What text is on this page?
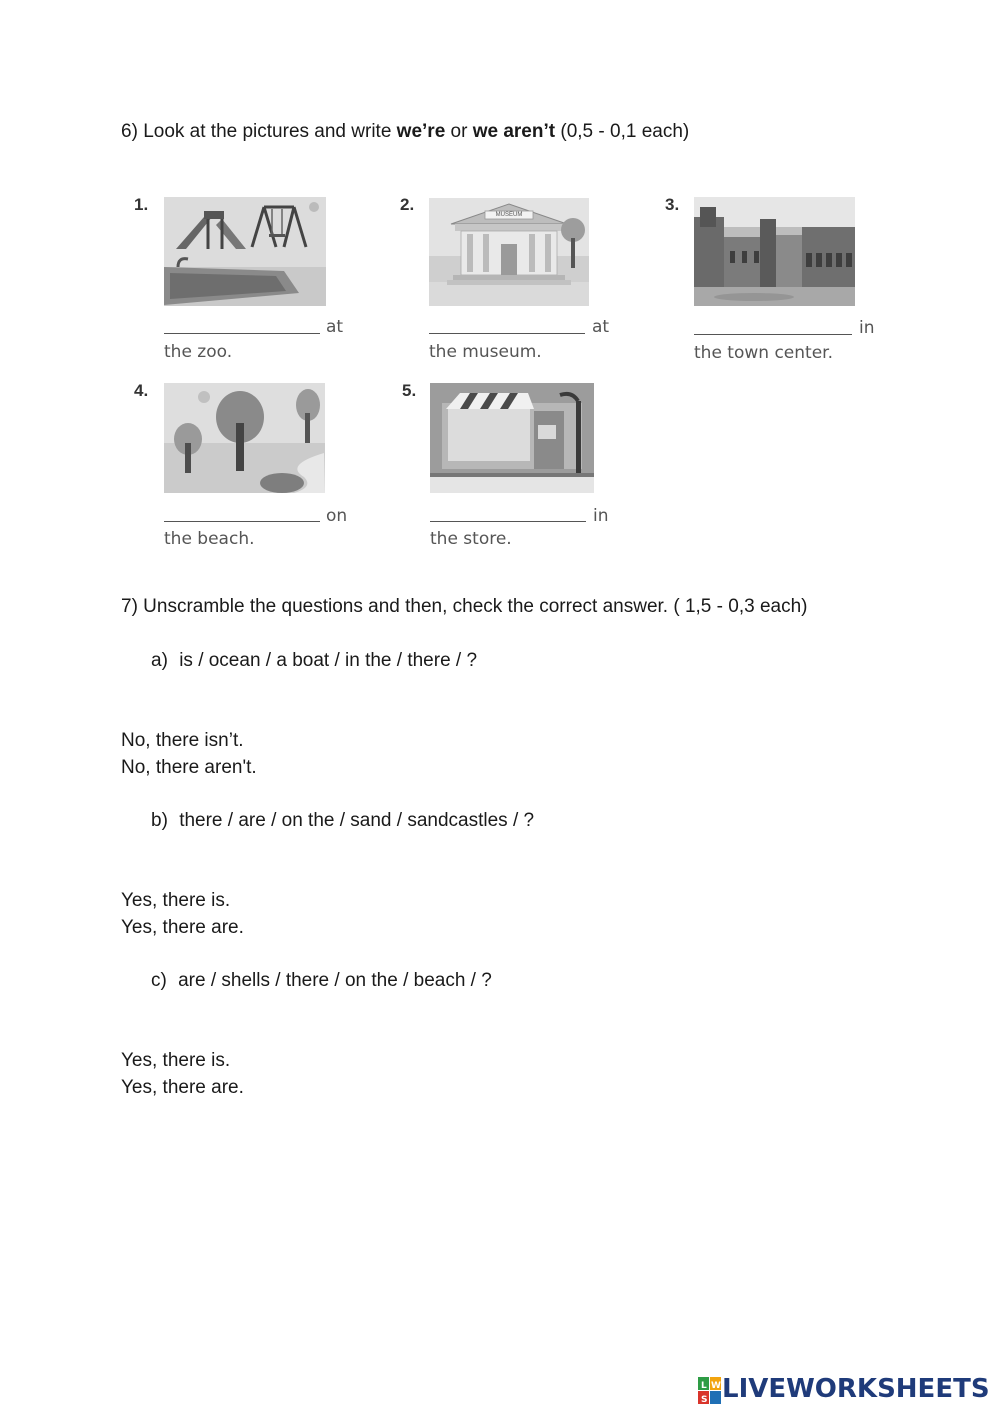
6) Look at the pictures and write we’re or we aren’t (0,5 - 0,1 each)
1.
at
the zoo.
2.
MUSEUM
at
the museum.
3.
in
the town center.
4.
on
the beach.
5.
in
the store.
7) Unscramble the questions and then, check the correct answer. ( 1,5 - 0,3 each)
a) is / ocean / a boat / in the / there / ?
No, there isn’t.
No, there aren't.
b) there / are / on the / sand / sandcastles / ?
Yes, there is.
Yes, there are.
c) are / shells / there / on the / beach / ?
Yes, there is.
Yes, there are.
L W
S LIVEWORKSHEETS
